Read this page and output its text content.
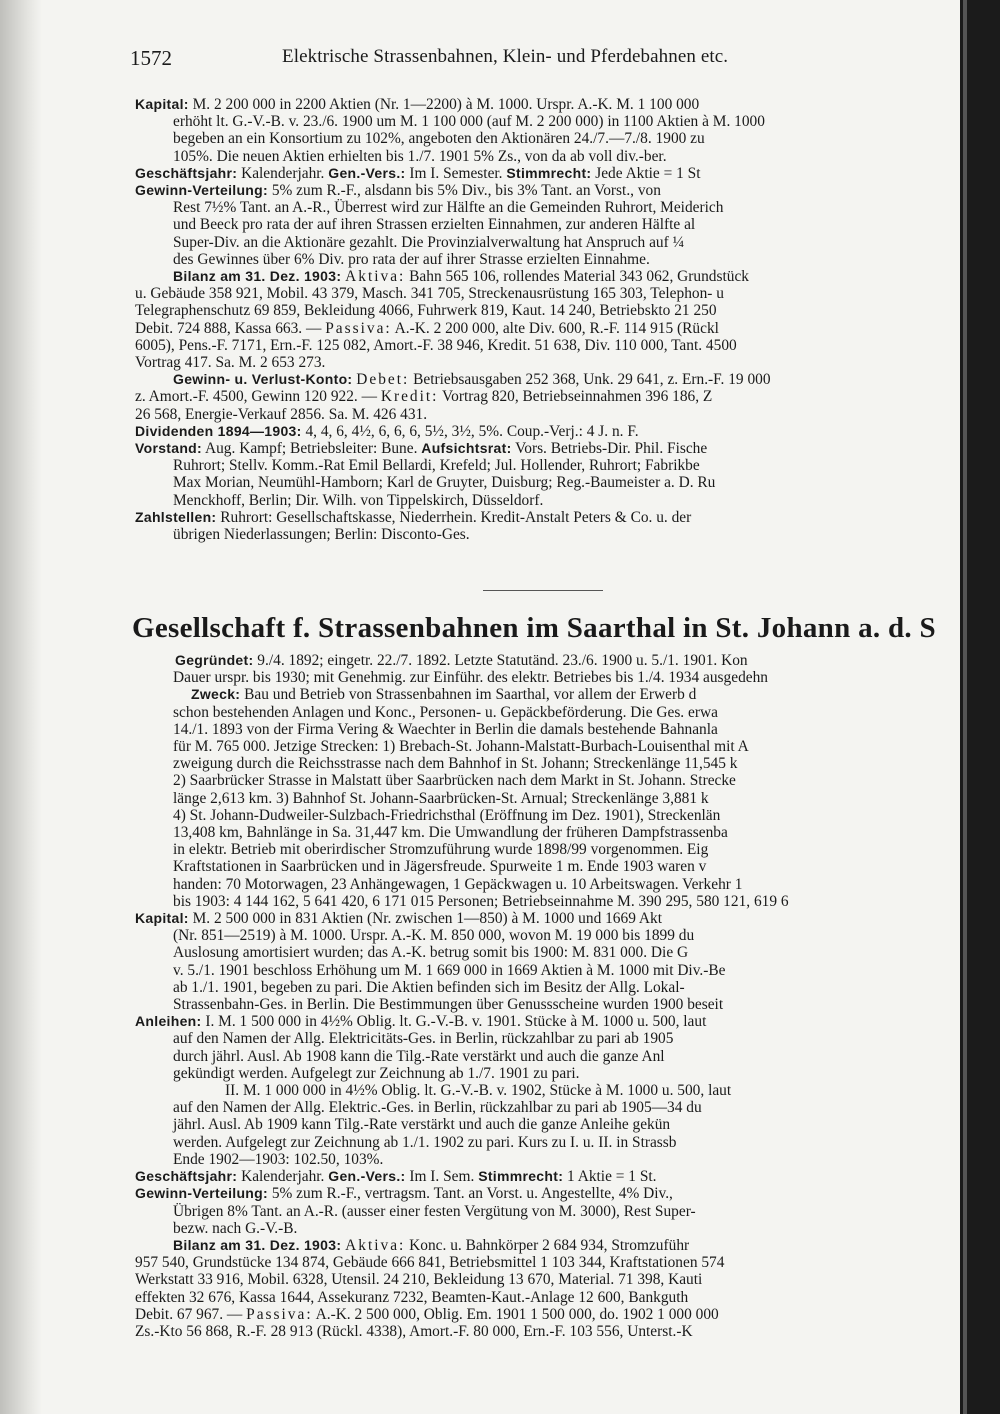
1572	Elektrische Strassenbahnen, Klein- und Pferdebahnen etc.

Kapital: M. 2 200 000 in 2200 Aktien (Nr. 1—2200) à M. 1000. Urspr. A.-K. M. 1 100 000

erhöht lt. G.-V.-B. v. 23./6. 1900 um M. 1 100 000 (auf M. 2 200 000) in 1100 Aktien à M. 1000

begeben an ein Konsortium zu 102%, angeboten den Aktionären 24./7.—7./8. 1900 zu

105%. Die neuen Aktien erhielten bis 1./7. 1901 5% Zs., von da ab voll div.-ber.

Geschäftsjahr: Kalenderjahr. Gen.-Vers.: Im I. Semester. Stimmrecht: Jede Aktie = 1 St

Gewinn-Verteilung: 5% zum R.-F., alsdann bis 5% Div., bis 3% Tant. an Vorst., von

Rest 7½% Tant. an A.-R., Überrest wird zur Hälfte an die Gemeinden Ruhrort, Meiderich

und Beeck pro rata der auf ihren Strassen erzielten Einnahmen, zur anderen Hälfte al

Super-Div. an die Aktionäre gezahlt. Die Provinzialverwaltung hat Anspruch auf ¼

des Gewinnes über 6% Div. pro rata der auf ihrer Strasse erzielten Einnahme.

Bilanz am 31. Dez. 1903: Aktiva: Bahn 565 106, rollendes Material 343 062, Grundstück

u. Gebäude 358 921, Mobil. 43 379, Masch. 341 705, Streckenausrüstung 165 303, Telephon- u

Telegraphenschutz 69 859, Bekleidung 4066, Fuhrwerk 819, Kaut. 14 240, Betriebskto 21 250

Debit. 724 888, Kassa 663. — Passiva: A.-K. 2 200 000, alte Div. 600, R.-F. 114 915 (Rückl

6005), Pens.-F. 7171, Ern.-F. 125 082, Amort.-F. 38 946, Kredit. 51 638, Div. 110 000, Tant. 4500

Vortrag 417. Sa. M. 2 653 273.

Gewinn- u. Verlust-Konto: Debet: Betriebsausgaben 252 368, Unk. 29 641, z. Ern.-F. 19 000

z. Amort.-F. 4500, Gewinn 120 922. — Kredit: Vortrag 820, Betriebseinnahmen 396 186, Z

26 568, Energie-Verkauf 2856. Sa. M. 426 431.

Dividenden 1894—1903: 4, 4, 6, 4½, 6, 6, 6, 5½, 3½, 5%. Coup.-Verj.: 4 J. n. F.

Vorstand: Aug. Kampf; Betriebsleiter: Bune. Aufsichtsrat: Vors. Betriebs-Dir. Phil. Fische

Ruhrort; Stellv. Komm.-Rat Emil Bellardi, Krefeld; Jul. Hollender, Ruhrort; Fabrikbe

Max Morian, Neumühl-Hamborn; Karl de Gruyter, Duisburg; Reg.-Baumeister a. D. Ru

Menckhoff, Berlin; Dir. Wilh. von Tippelskirch, Düsseldorf.

Zahlstellen: Ruhrort: Gesellschaftskasse, Niederrhein. Kredit-Anstalt Peters & Co. u. der

übrigen Niederlassungen; Berlin: Disconto-Ges.

Gesellschaft f. Strassenbahnen im Saarthal in St. Johann a. d. S

Gegründet: 9./4. 1892; eingetr. 22./7. 1892. Letzte Statutänd. 23./6. 1900 u. 5./1. 1901. Kon

Dauer urspr. bis 1930; mit Genehmig. zur Einführ. des elektr. Betriebes bis 1./4. 1934 ausgedehn

Zweck: Bau und Betrieb von Strassenbahnen im Saarthal, vor allem der Erwerb d

schon bestehenden Anlagen und Konc., Personen- u. Gepäckbeförderung. Die Ges. erwa

14./1. 1893 von der Firma Vering & Waechter in Berlin die damals bestehende Bahnanla

für M. 765 000. Jetzige Strecken: 1) Brebach-St. Johann-Malstatt-Burbach-Louisenthal mit A

zweigung durch die Reichsstrasse nach dem Bahnhof in St. Johann; Streckenlänge 11,545 k

2) Saarbrücker Strasse in Malstatt über Saarbrücken nach dem Markt in St. Johann. Strecke

länge 2,613 km. 3) Bahnhof St. Johann-Saarbrücken-St. Arnual; Streckenlänge 3,881 k

4) St. Johann-Dudweiler-Sulzbach-Friedrichsthal (Eröffnung im Dez. 1901), Streckenlän

13,408 km, Bahnlänge in Sa. 31,447 km. Die Umwandlung der früheren Dampfstrassenba

in elektr. Betrieb mit oberirdischer Stromzuführung wurde 1898/99 vorgenommen. Eig

Kraftstationen in Saarbrücken und in Jägersfreude. Spurweite 1 m. Ende 1903 waren v

handen: 70 Motorwagen, 23 Anhängewagen, 1 Gepäckwagen u. 10 Arbeitswagen. Verkehr 1

bis 1903: 4 144 162, 5 641 420, 6 171 015 Personen; Betriebseinnahme M. 390 295, 580 121, 619 6

Kapital: M. 2 500 000 in 831 Aktien (Nr. zwischen 1—850) à M. 1000 und 1669 Akt

(Nr. 851—2519) à M. 1000. Urspr. A.-K. M. 850 000, wovon M. 19 000 bis 1899 du

Auslosung amortisiert wurden; das A.-K. betrug somit bis 1900: M. 831 000. Die G

v. 5./1. 1901 beschloss Erhöhung um M. 1 669 000 in 1669 Aktien à M. 1000 mit Div.-Be

ab 1./1. 1901, begeben zu pari. Die Aktien befinden sich im Besitz der Allg. Lokal-

Strassenbahn-Ges. in Berlin. Die Bestimmungen über Genussscheine wurden 1900 beseit

Anleihen: I. M. 1 500 000 in 4½% Oblig. lt. G.-V.-B. v. 1901. Stücke à M. 1000 u. 500, laut

auf den Namen der Allg. Elektricitäts-Ges. in Berlin, rückzahlbar zu pari ab 1905

durch jährl. Ausl. Ab 1908 kann die Tilg.-Rate verstärkt und auch die ganze Anl

gekündigt werden. Aufgelegt zur Zeichnung ab 1./7. 1901 zu pari.

II. M. 1 000 000 in 4½% Oblig. lt. G.-V.-B. v. 1902, Stücke à M. 1000 u. 500, laut

auf den Namen der Allg. Elektric.-Ges. in Berlin, rückzahlbar zu pari ab 1905—34 du

jährl. Ausl. Ab 1909 kann Tilg.-Rate verstärkt und auch die ganze Anleihe gekün

werden. Aufgelegt zur Zeichnung ab 1./1. 1902 zu pari. Kurs zu I. u. II. in Strassb

Ende 1902—1903: 102.50, 103%.

Geschäftsjahr: Kalenderjahr. Gen.-Vers.: Im I. Sem. Stimmrecht: 1 Aktie = 1 St.

Gewinn-Verteilung: 5% zum R.-F., vertragsm. Tant. an Vorst. u. Angestellte, 4% Div.,

Übrigen 8% Tant. an A.-R. (ausser einer festen Vergütung von M. 3000), Rest Super-

bezw. nach G.-V.-B.

Bilanz am 31. Dez. 1903: Aktiva: Konc. u. Bahnkörper 2 684 934, Stromzuführ

957 540, Grundstücke 134 874, Gebäude 666 841, Betriebsmittel 1 103 344, Kraftstationen 574

Werkstatt 33 916, Mobil. 6328, Utensil. 24 210, Bekleidung 13 670, Material. 71 398, Kauti

effekten 32 676, Kassa 1644, Assekuranz 7232, Beamten-Kaut.-Anlage 12 600, Bankguth

Debit. 67 967. — Passiva: A.-K. 2 500 000, Oblig. Em. 1901 1 500 000, do. 1902 1 000 000

Zs.-Kto 56 868, R.-F. 28 913 (Rückl. 4338), Amort.-F. 80 000, Ern.-F. 103 556, Unterst.-K
